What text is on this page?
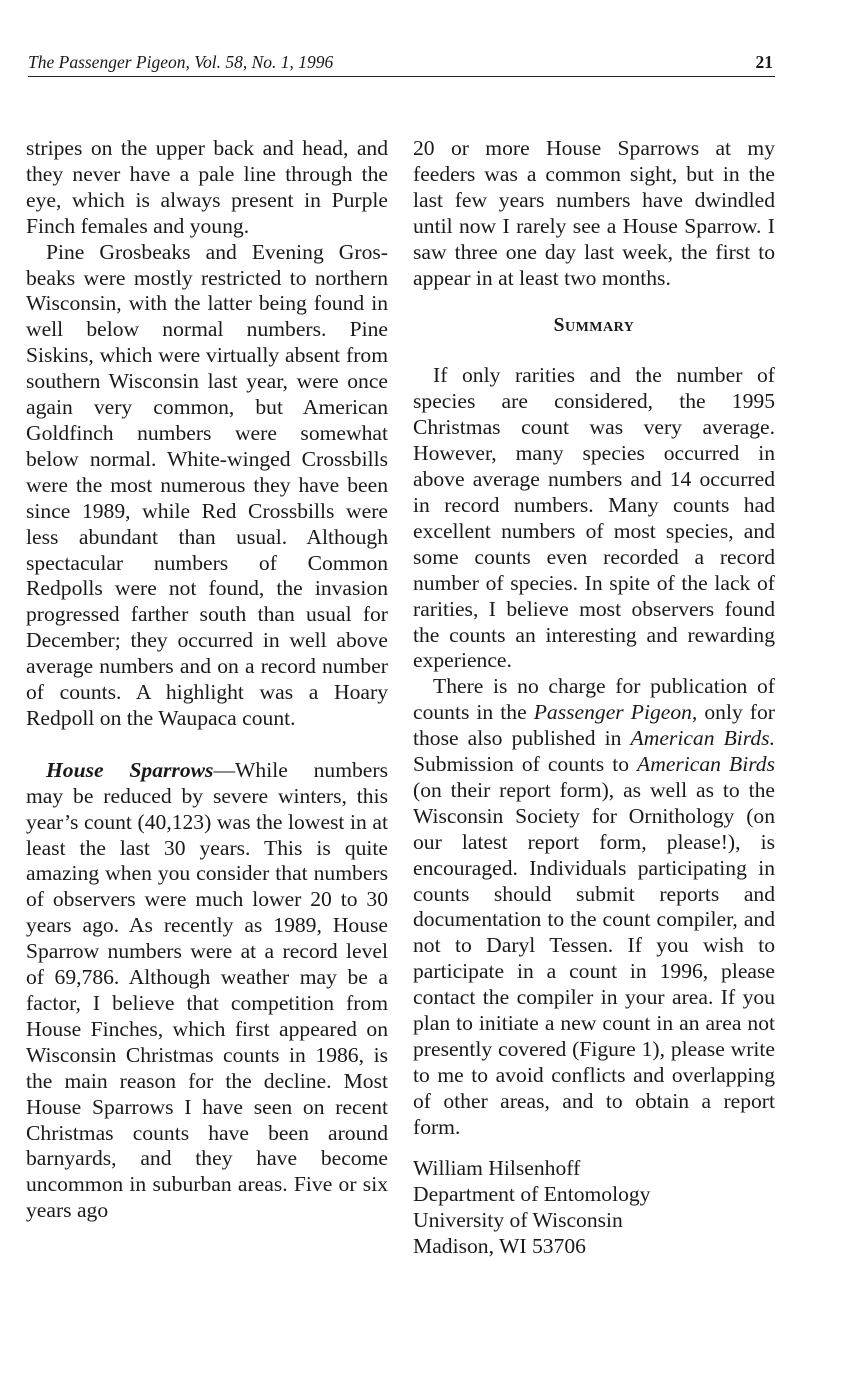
The Passenger Pigeon, Vol. 58, No. 1, 1996	21

stripes on the upper back and head, and they never have a pale line through the eye, which is always present in Purple Finch females and young.

Pine Grosbeaks and Evening Grosbeaks were mostly restricted to northern Wisconsin, with the latter being found in well below normal numbers. Pine Siskins, which were virtually absent from southern Wisconsin last year, were once again very common, but American Goldfinch numbers were somewhat below normal. White-winged Crossbills were the most numerous they have been since 1989, while Red Crossbills were less abundant than usual. Although spectacular numbers of Common Redpolls were not found, the invasion progressed farther south than usual for December; they occurred in well above average numbers and on a record number of counts. A highlight was a Hoary Redpoll on the Waupaca count.

House Sparrows—While numbers may be reduced by severe winters, this year’s count (40,123) was the lowest in at least the last 30 years. This is quite amazing when you consider that numbers of observers were much lower 20 to 30 years ago. As recently as 1989, House Sparrow numbers were at a record level of 69,786. Although weather may be a factor, I believe that competition from House Finches, which first appeared on Wisconsin Christmas counts in 1986, is the main reason for the decline. Most House Sparrows I have seen on recent Christmas counts have been around barnyards, and they have become uncommon in suburban areas. Five or six years ago

20 or more House Sparrows at my feeders was a common sight, but in the last few years numbers have dwindled until now I rarely see a House Sparrow. I saw three one day last week, the first to appear in at least two months.

Summary

If only rarities and the number of species are considered, the 1995 Christmas count was very average. However, many species occurred in above average numbers and 14 occurred in record numbers. Many counts had excellent numbers of most species, and some counts even recorded a record number of species. In spite of the lack of rarities, I believe most observers found the counts an interesting and rewarding experience.

There is no charge for publication of counts in the Passenger Pigeon, only for those also published in American Birds. Submission of counts to American Birds (on their report form), as well as to the Wisconsin Society for Ornithology (on our latest report form, please!), is encouraged. Individuals participating in counts should submit reports and documentation to the count compiler, and not to Daryl Tessen. If you wish to participate in a count in 1996, please contact the compiler in your area. If you plan to initiate a new count in an area not presently covered (Figure 1), please write to me to avoid conflicts and overlapping of other areas, and to obtain a report form.

William Hilsenhoff
Department of Entomology
University of Wisconsin
Madison, WI 53706
